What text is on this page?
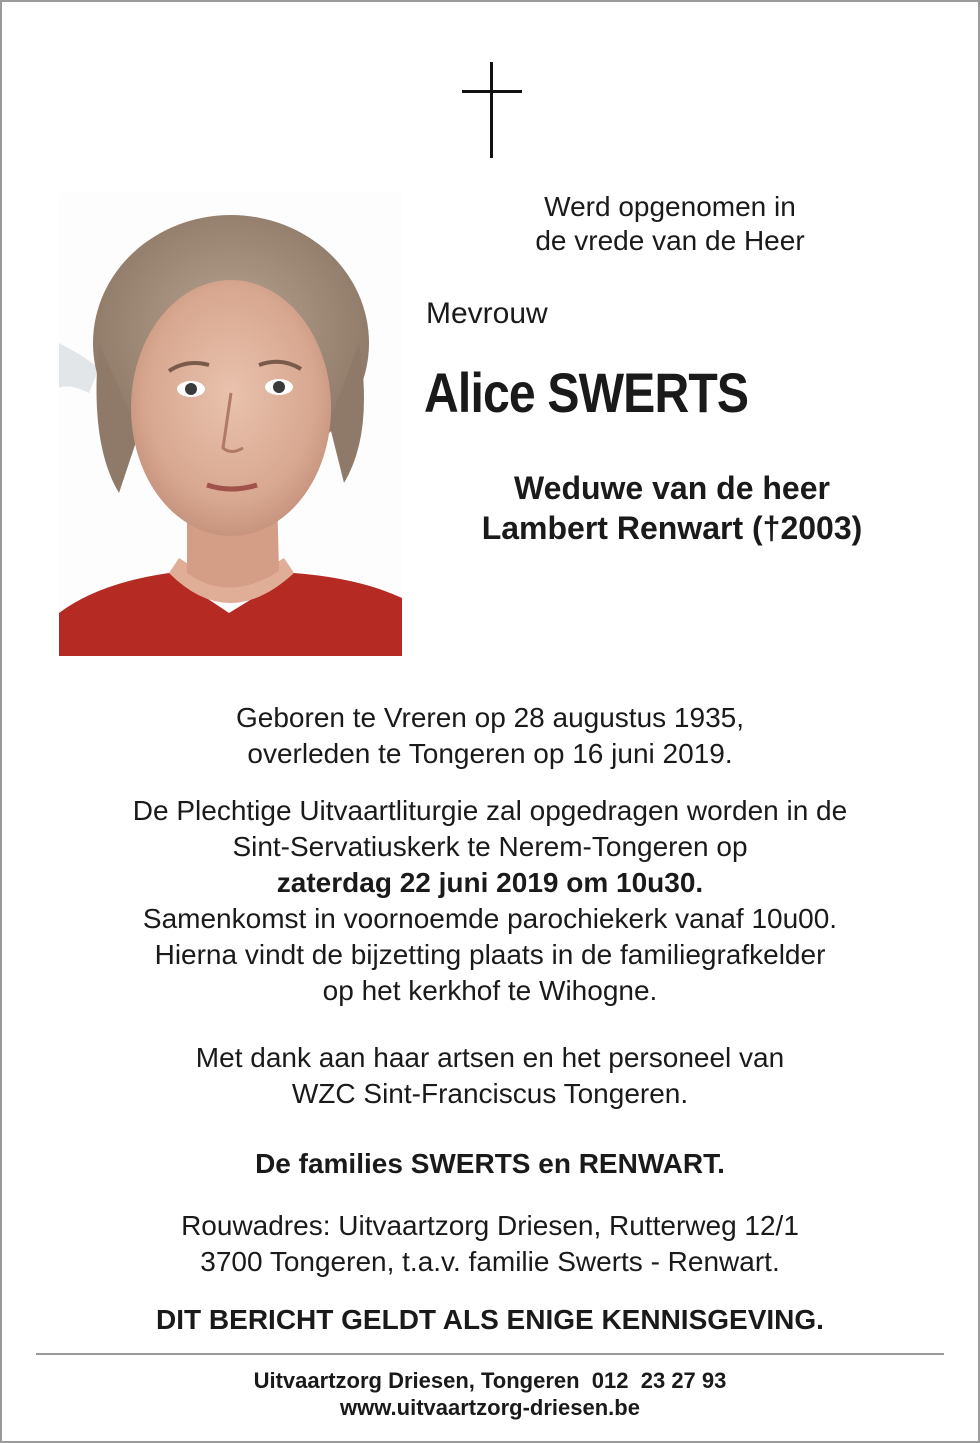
Werd opgenomen in
de vrede van de Heer
Mevrouw
Alice SWERTS
Weduwe van de heer
Lambert Renwart (†2003)
Geboren te Vreren op 28 augustus 1935,
overleden te Tongeren op 16 juni 2019.
De Plechtige Uitvaartliturgie zal opgedragen worden in de
Sint-Servatiuskerk te Nerem-Tongeren op
zaterdag 22 juni 2019 om 10u30.
Samenkomst in voornoemde parochiekerk vanaf 10u00.
Hierna vindt de bijzetting plaats in de familiegrafkelder
op het kerkhof te Wihogne.
Met dank aan haar artsen en het personeel van
WZC Sint-Franciscus Tongeren.
De families SWERTS en RENWART.
Rouwadres: Uitvaartzorg Driesen, Rutterweg 12/1
3700 Tongeren, t.a.v. familie Swerts - Renwart.
DIT BERICHT GELDT ALS ENIGE KENNISGEVING.
Uitvaartzorg Driesen, Tongeren  012  23 27 93
www.uitvaartzorg-driesen.be
